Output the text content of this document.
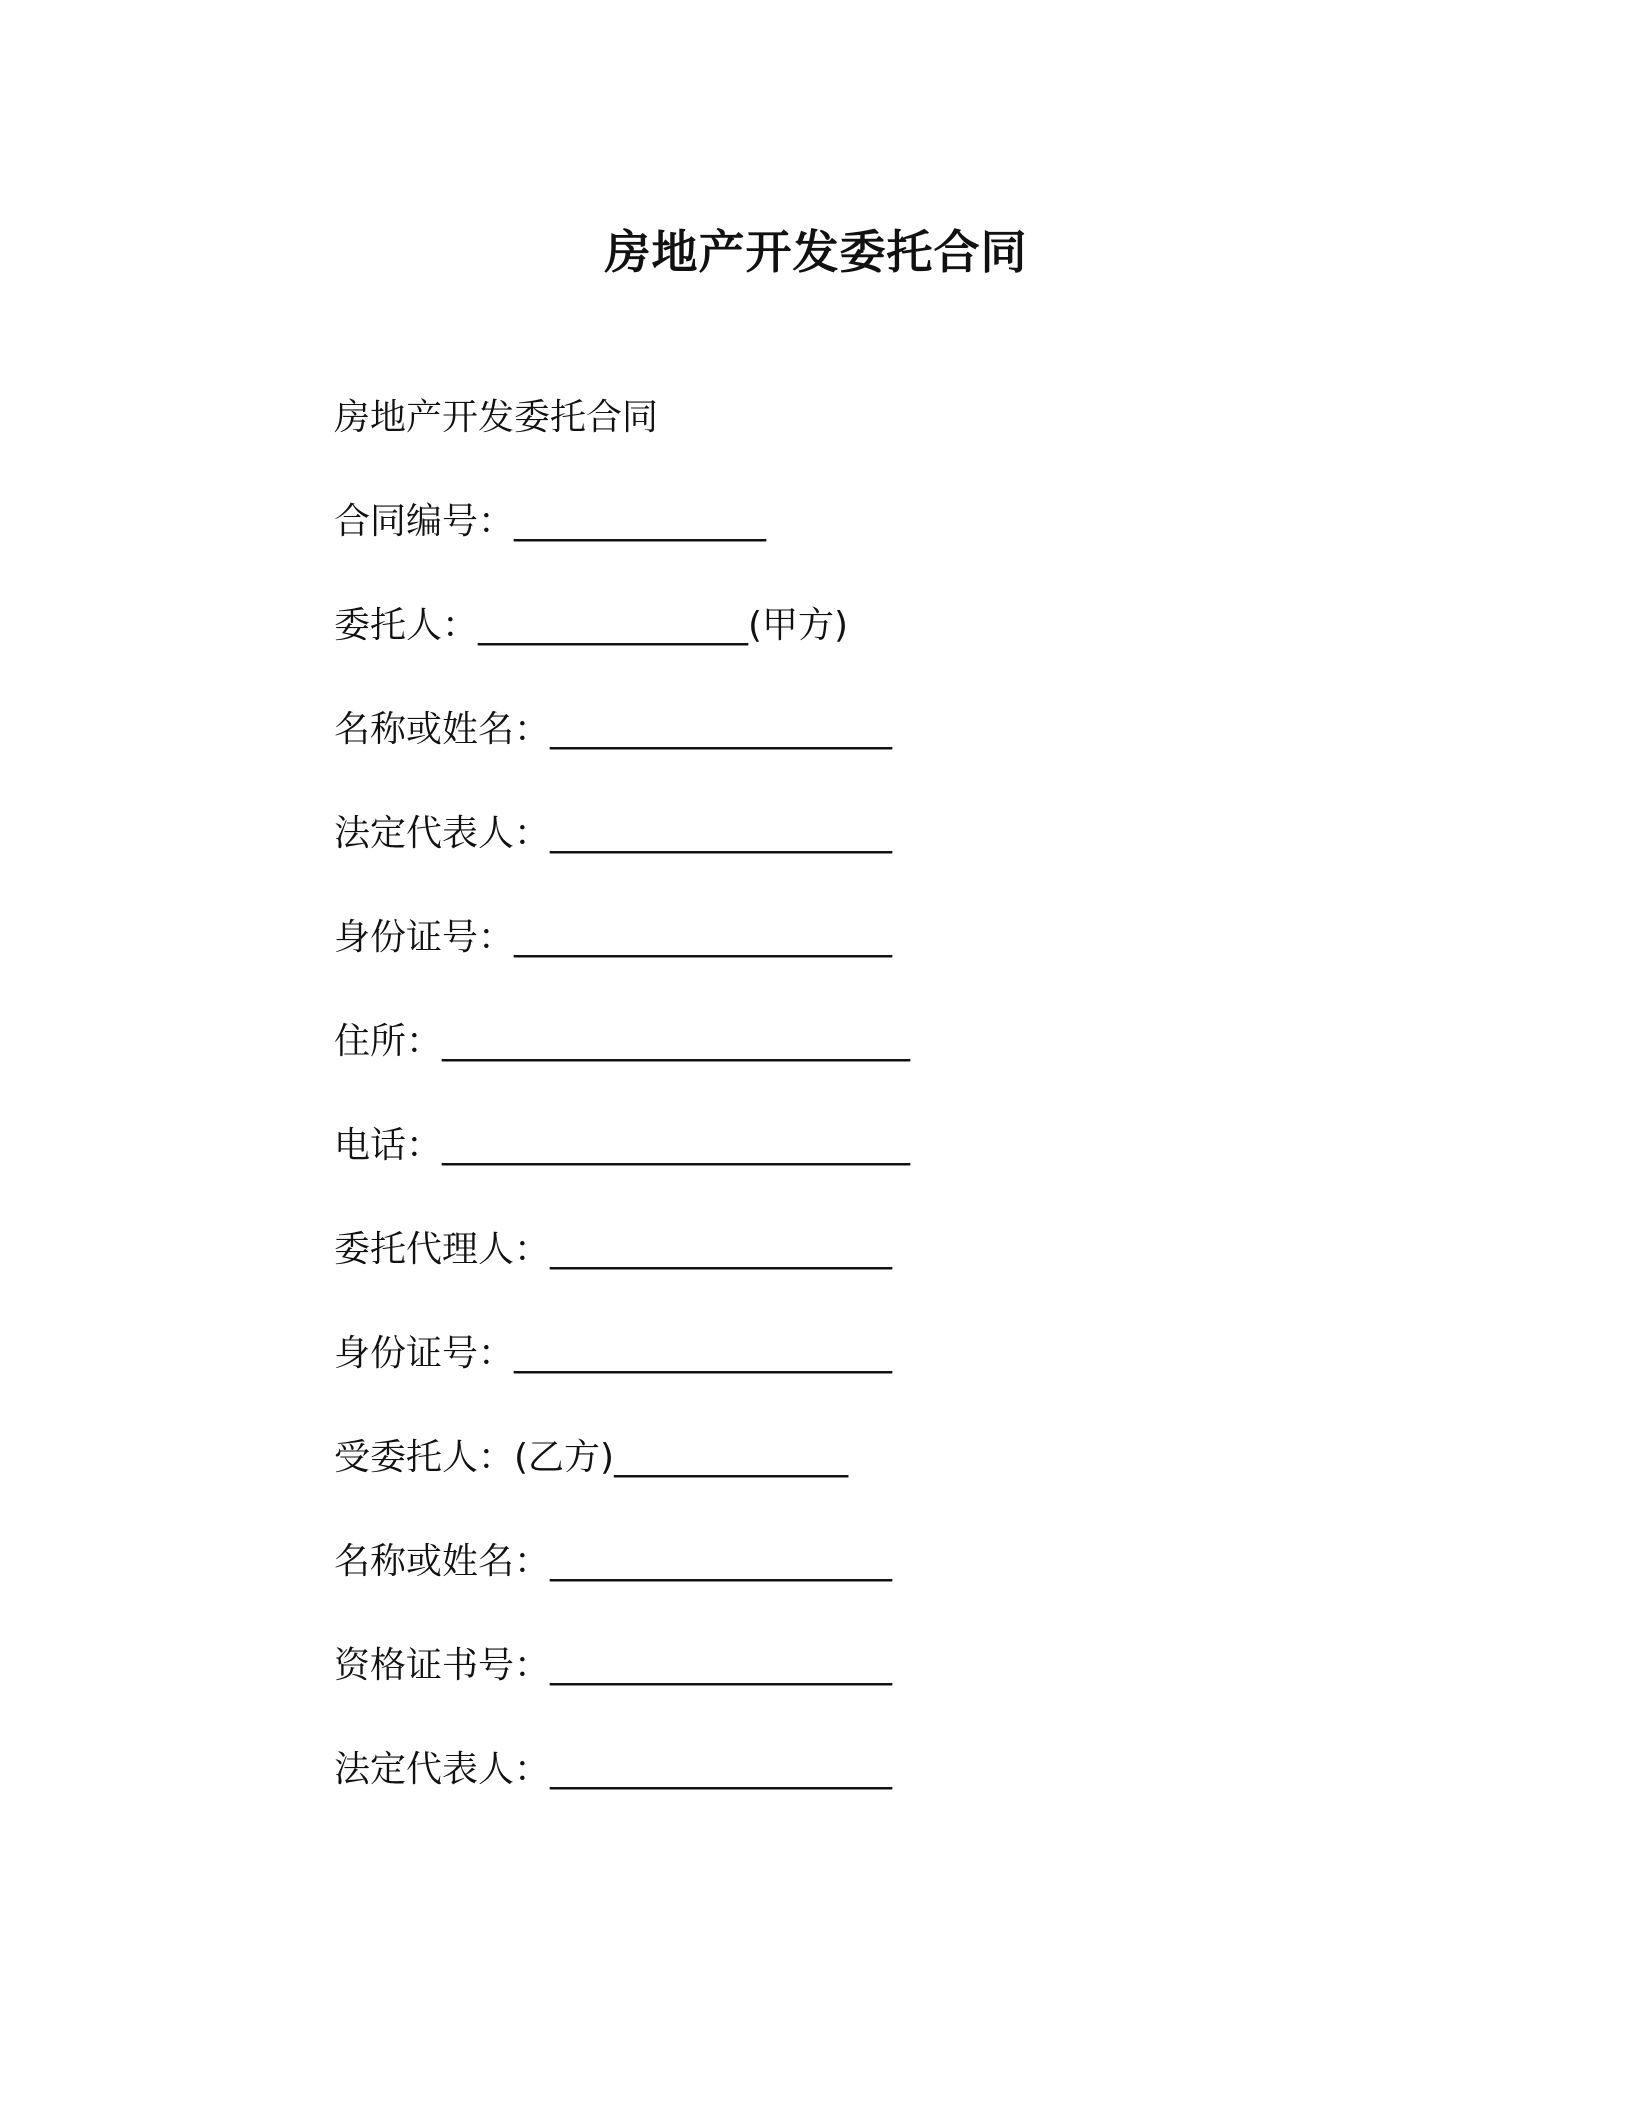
房地产开发委托合同
房地产开发委托合同
合同编号：______________
委托人：_______________(甲方)
名称或姓名：___________________
法定代表人：___________________
身份证号：_____________________
住所：__________________________
电话：__________________________
委托代理人：___________________
身份证号：_____________________
受委托人：(乙方)_____________
名称或姓名：___________________
资格证书号：___________________
法定代表人：___________________
